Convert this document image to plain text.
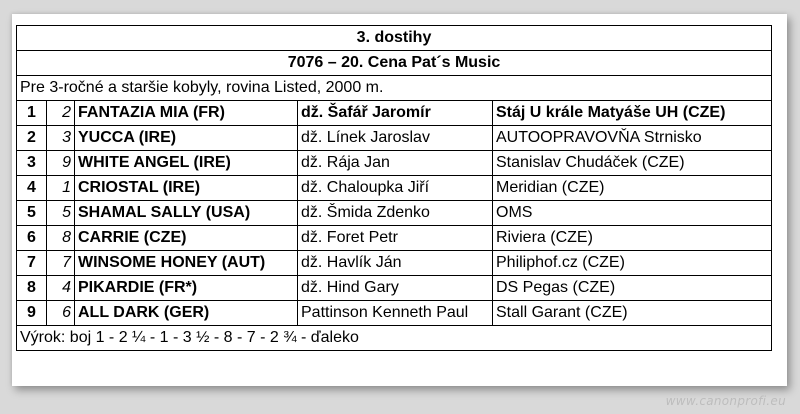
3. dostihy				
7076 – 20. Cena Pat´s Music				
Pre 3-ročné a staršie kobyly, rovina Listed, 2000 m.				
1	2	FANTAZIA MIA (FR)	dž. Šafář Jaromír	Stáj U krále Matyáše UH (CZE)
2	3	YUCCA (IRE)	dž. Línek Jaroslav	AUTOOPRAVOVŇA Strnisko
3	9	WHITE ANGEL (IRE)	dž. Rája Jan	Stanislav Chudáček (CZE)
4	1	CRIOSTAL (IRE)	dž. Chaloupka Jiří	Meridian (CZE)
5	5	SHAMAL SALLY (USA)	dž. Šmida Zdenko	OMS
6	8	CARRIE (CZE)	dž. Foret Petr	Riviera (CZE)
7	7	WINSOME HONEY (AUT)	dž. Havlík Ján	Philiphof.cz (CZE)
8	4	PIKARDIE (FR*)	dž. Hind Gary	DS Pegas (CZE)
9	6	ALL DARK (GER)	Pattinson Kenneth Paul	Stall Garant (CZE)
Výrok: boj 1 - 2 ¼ - 1 - 3 ½ - 8 - 7 - 2 ¾ - ďaleko				
www.canonprofi.eu
